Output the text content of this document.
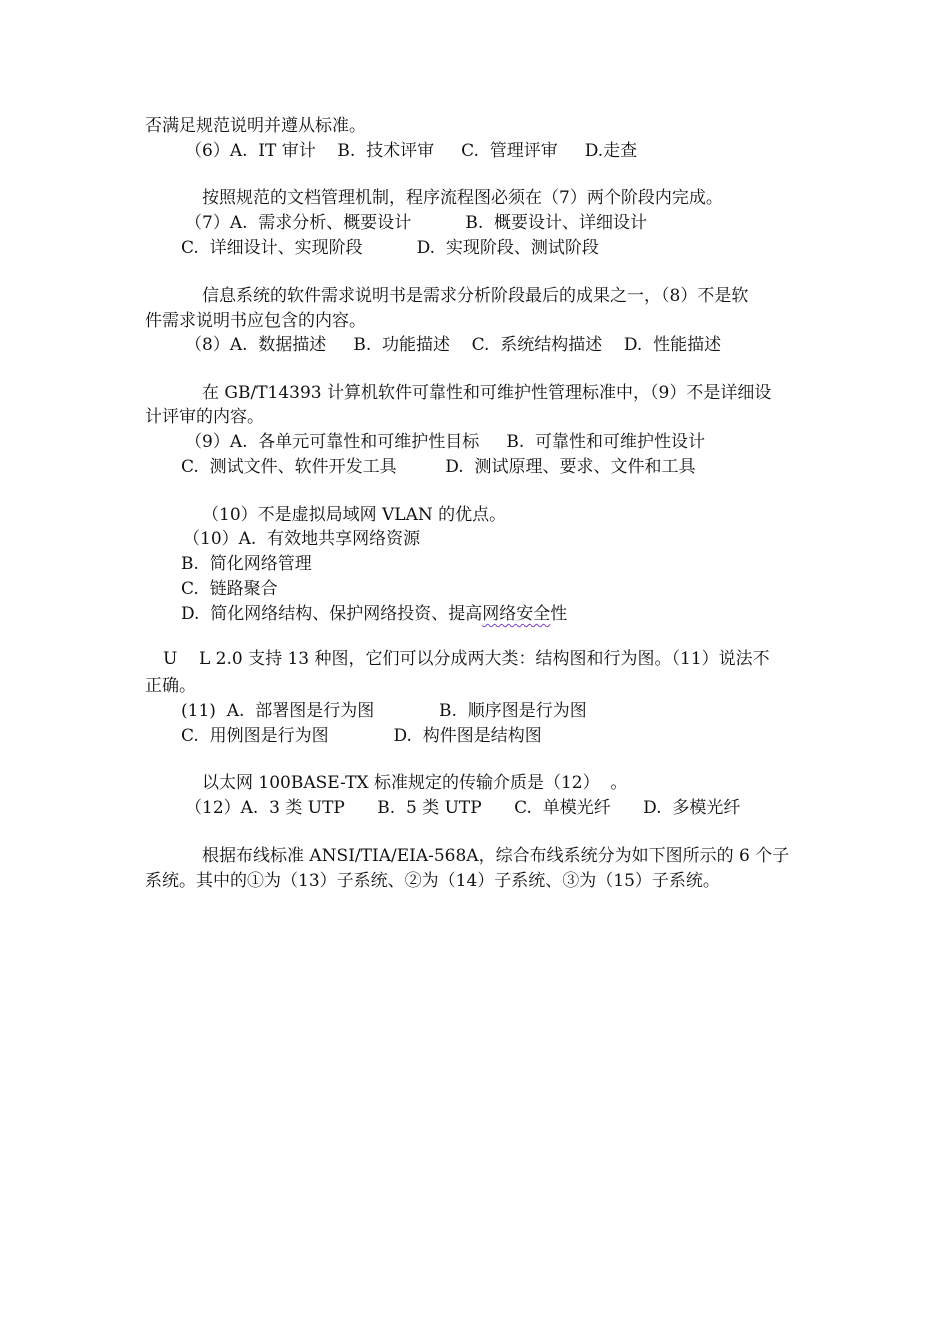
否满足规范说明并遵从标准。
（6）A.  IT 审计    B.  技术评审     C.  管理评审     D.走查
按照规范的文档管理机制，程序流程图必须在（7）两个阶段内完成。
（7）A.  需求分析、概要设计          B.  概要设计、详细设计
C.  详细设计、实现阶段          D.  实现阶段、测试阶段
信息系统的软件需求说明书是需求分析阶段最后的成果之一，（8）不是软
件需求说明书应包含的内容。
（8）A.  数据描述     B.  功能描述    C.  系统结构描述    D.  性能描述
在 GB/T14393 计算机软件可靠性和可维护性管理标准中，（9）不是详细设
计评审的内容。
（9）A.  各单元可靠性和可维护性目标     B.  可靠性和可维护性设计
C.  测试文件、软件开发工具         D.  测试原理、要求、文件和工具
（10）不是虚拟局域网 VLAN 的优点。
（10）A.  有效地共享网络资源
B.  简化网络管理
C.  链路聚合
D.  简化网络结构、保护网络投资、提高网络安全性
U    L 2.0 支持 13 种图，它们可以分成两大类：结构图和行为图。（11）说法不
正确。
(11)  A.  部署图是行为图            B.  顺序图是行为图
C.  用例图是行为图            D.  构件图是结构图
以太网 100BASE-TX 标准规定的传输介质是（12）  。
（12）A.  3 类 UTP      B.  5 类 UTP      C.  单模光纤      D.  多模光纤
根据布线标准 ANSI/TIA/EIA-568A，综合布线系统分为如下图所示的 6 个子
系统。其中的①为（13）子系统、②为（14）子系统、③为（15）子系统。
